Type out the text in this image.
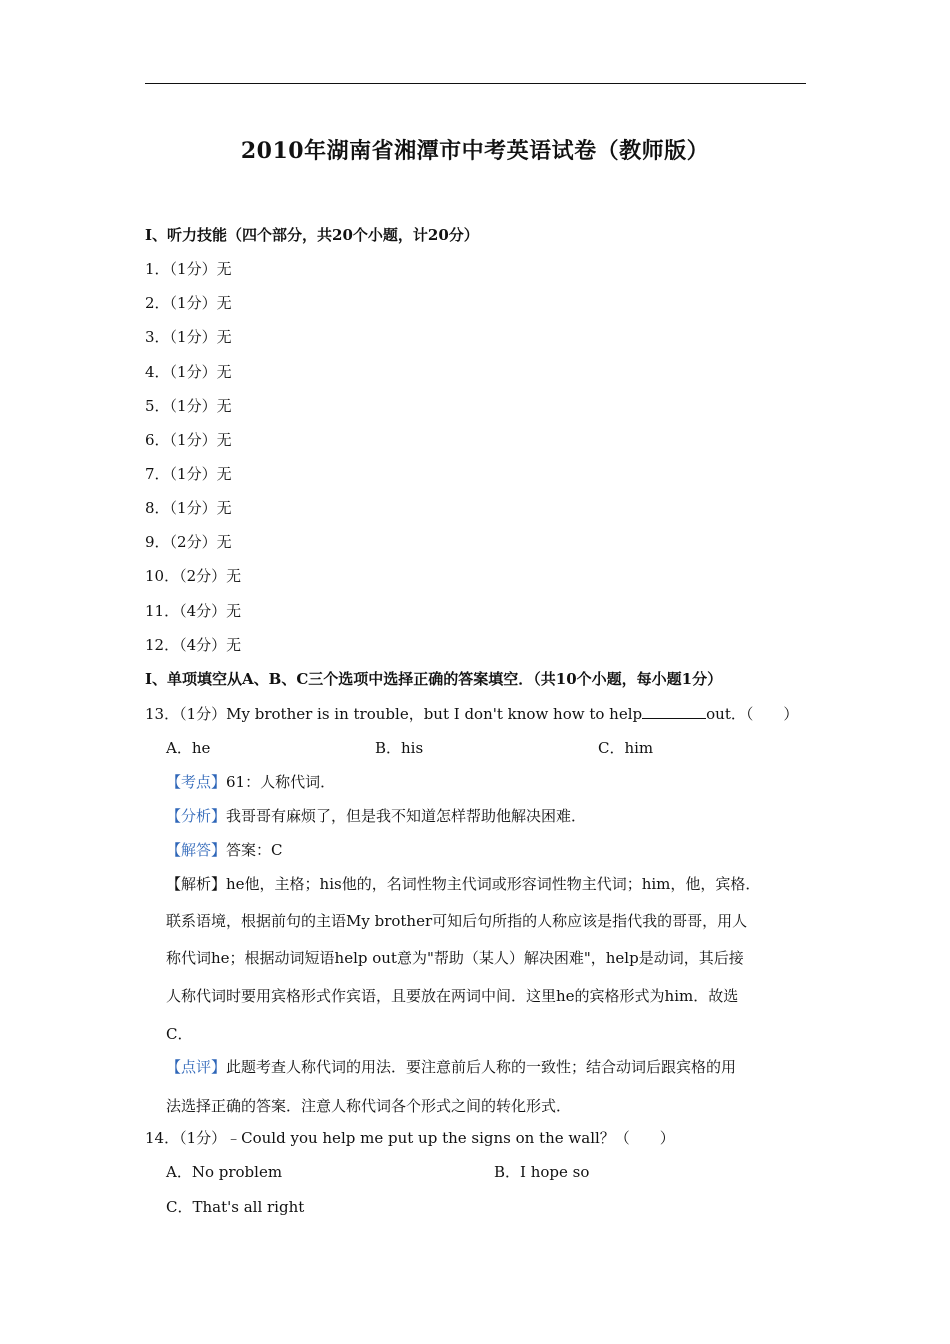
2010年湖南省湘潭市中考英语试卷（教师版）
I、听力技能（四个部分，共20个小题，计20分）
1．（1分）无
2．（1分）无
3．（1分）无
4．（1分）无
5．（1分）无
6．（1分）无
7．（1分）无
8．（1分）无
9．（2分）无
10．（2分）无
11．（4分）无
12．（4分）无
I、单项填空从A、B、C三个选项中选择正确的答案填空．（共10个小题，每小题1分）
13．（1分）My brother is in trouble，but I don't know how to help	out．（　　）
A．he	B．his	C．him
【考点】61：人称代词．
【分析】我哥哥有麻烦了，但是我不知道怎样帮助他解决困难．
【解答】答案：C
【解析】he他，主格；his他的，名词性物主代词或形容词性物主代词；him，他，宾格．
联系语境，根据前句的主语My brother可知后句所指的人称应该是指代我的哥哥，用人
称代词he；根据动词短语help out意为"帮助（某人）解决困难"，help是动词，其后接
人称代词时要用宾格形式作宾语，且要放在两词中间．这里he的宾格形式为him．故选
C．
【点评】此题考查人称代词的用法．要注意前后人称的一致性；结合动词后跟宾格的用
法选择正确的答案．注意人称代词各个形式之间的转化形式．
14．（1分）﹣Could you help me put up the signs on the wall？（　　）
A．No problem	B．I hope so
C．That's all right
